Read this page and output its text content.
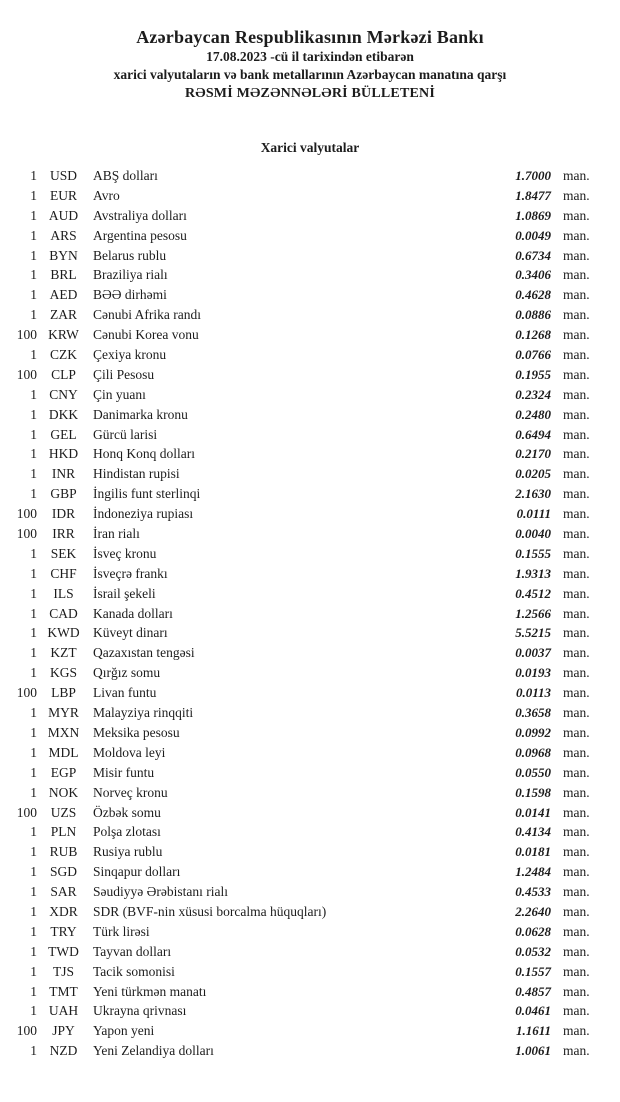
Azərbaycan Respublikasının Mərkəzi Bankı
17.08.2023 -cü il tarixindən etibarən
xarici valyutaların və bank metallarının Azərbaycan manatına qarşı
RƏSMİ MƏZƏNNƏLƏRİ BÜLLETENİ
Xarici valyutalar
1 USD	ABŞ dolları	1.7000 man.
1 EUR	Avro	1.8477 man.
1 AUD	Avstraliya dolları	1.0869 man.
1 ARS	Argentina pesosu	0.0049 man.
1 BYN	Belarus rublu	0.6734 man.
1 BRL	Braziliya rialı	0.3406 man.
1 AED	BƏƏ dirhəmi	0.4628 man.
1 ZAR	Cənubi Afrika randı	0.0886 man.
100 KRW	Cənubi Korea vonu	0.1268 man.
1 CZK	Çexiya kronu	0.0766 man.
100	CLP	Çili Pesosu	0.1955 man.
1 CNY	Çin yuanı	0.2324 man.
1 DKK	Danimarka kronu	0.2480 man.
1 GEL	Gürcü larisi	0.6494 man.
1 HKD	Honq Konq dolları	0.2170 man.
1	INR	Hindistan rupisi	0.0205 man.
1 GBP	İngilis funt sterlinqi	2.1630 man.
100	IDR	İndoneziya rupiası	0.0111 man.
100	IRR	İran rialı	0.0040 man.
1	SEK	İsveç kronu	0.1555 man.
1 CHF	İsveçrə frankı	1.9313 man.
1	ILS	İsrail şekeli	0.4512 man.
1 CAD	Kanada dolları	1.2566 man.
1 KWD Küveyt dinarı	5.5215 man.
1 KZT	Qazaxıstan tengəsi	0.0037 man.
1 KGS	Qırğız somu	0.0193 man.
100	LBP	Livan funtu	0.0113 man.
1 MYR	Malayziya rinqqiti	0.3658 man.
1 MXN	Meksika pesosu	0.0992 man.
1 MDL	Moldova leyi	0.0968 man.
1	EGP	Misir funtu	0.0550 man.
1 NOK	Norveç kronu	0.1598 man.
100	UZS	Özbək somu	0.0141 man.
1	PLN	Polşa zlotası	0.4134 man.
1 RUB	Rusiya rublu	0.0181 man.
1 SGD	Sinqapur dolları	1.2484 man.
1 SAR	Səudiyyə Ərəbistanı rialı	0.4533 man.
1 XDR	SDR (BVF-nin xüsusi borcalma hüquqları)	2.2640 man.
1 TRY	Türk lirəsi	0.0628 man.
1 TWD	Tayvan dolları	0.0532 man.
1	TJS	Tacik somonisi	0.1557 man.
1 TMT	Yeni türkmən manatı	0.4857 man.
1 UAH	Ukrayna qrivnası	0.0461 man.
100	JPY	Yapon yeni	1.1611 man.
1 NZD	Yeni Zelandiya dolları	1.0061 man.
